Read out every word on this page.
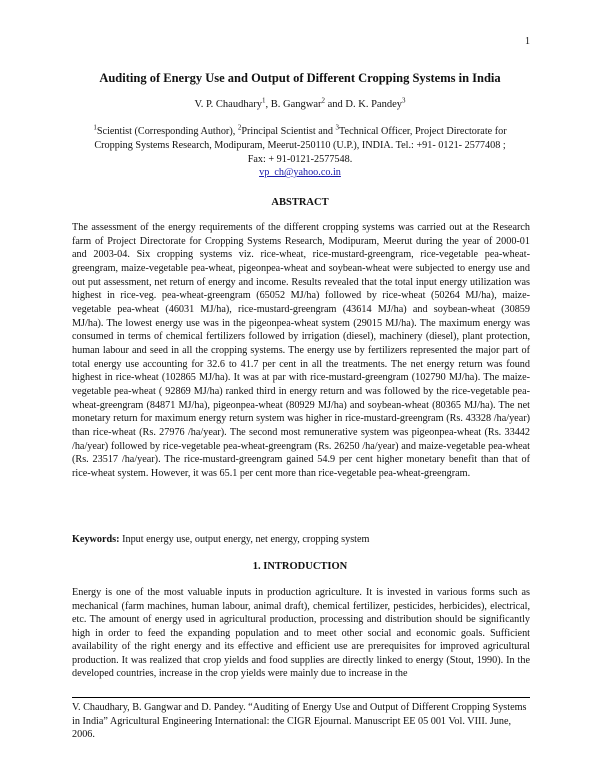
1
Auditing of Energy Use and Output of Different Cropping Systems in India
V. P. Chaudhary$^1$, B. Gangwar$^2$ and D. K. Pandey$^3$
$^1$Scientist (Corresponding Author), $^2$Principal Scientist and $^3$Technical Officer, Project Directorate for Cropping Systems Research, Modipuram, Meerut-250110 (U.P.), INDIA. Tel.: +91- 0121- 2577408 ; Fax: + 91-0121-2577548.
vp_ch@yahoo.co.in
ABSTRACT

The assessment of the energy requirements of the different cropping systems was carried out at the Research farm of Project Directorate for Cropping Systems Research, Modipuram, Meerut during the year of 2000-01 and 2003-04. Six cropping systems viz. rice-wheat, rice-mustard-greengram, rice-vegetable pea-wheat-greengram, maize-vegetable pea-wheat, pigeonpea-wheat and soybean-wheat were subjected to energy use and out put assessment, net return of energy and income. Results revealed that the total input energy utilization was highest in rice-veg. pea-wheat-greengram (65052 MJ/ha) followed by rice-wheat (50264 MJ/ha), maize-vegetable pea-wheat (46031 MJ/ha), rice-mustard-greengram (43614 MJ/ha) and soybean-wheat (30859 MJ/ha). The lowest energy use was in the pigeonpea-wheat system (29015 MJ/ha). The maximum energy was consumed in terms of chemical fertilizers followed by irrigation (diesel), machinery (diesel), plant protection, human labour and seed in all the cropping systems. The energy use by fertilizers represented the major part of total energy use accounting for 32.6 to 41.7 per cent in all the treatments. The net energy return was found highest in rice-wheat (102865 MJ/ha). It was at par with rice-mustard-greengram (102790 MJ/ha). The maize-vegetable pea-wheat ( 92869 MJ/ha) ranked third in energy return and was followed by the rice-vegetable pea-wheat-greengram (84871 MJ/ha), pigeonpea-wheat (80929 MJ/ha) and soybean-wheat (80365 MJ/ha). The net monetary return for maximum energy return system was higher in rice-mustard-greengram (Rs. 43328 /ha/year) than rice-wheat (Rs. 27976 /ha/year). The second most remunerative system was pigeonpea-wheat (Rs. 33442 /ha/year) followed by rice-vegetable pea-wheat-greengram (Rs. 26250 /ha/year) and maize-vegetable pea-wheat (Rs. 23517 /ha/year). The rice-mustard-greengram gained 54.9 per cent higher monetary benefit than that of rice-wheat system. However, it was 65.1 per cent more than rice-vegetable pea-wheat-greengram.

Keywords: Input energy use, output energy, net energy, cropping system

1. INTRODUCTION

Energy is one of the most valuable inputs in production agriculture. It is invested in various forms such as mechanical (farm machines, human labour, animal draft), chemical fertilizer, pesticides, herbicides), electrical, etc. The amount of energy used in agricultural production, processing and distribution should be significantly high in order to feed the expanding population and to meet other social and economic goals. Sufficient availability of the right energy and its effective and efficient use are prerequisites for improved agricultural production. It was realized that crop yields and food supplies are directly linked to energy (Stout, 1990). In the developed countries, increase in the crop yields were mainly due to increase in the

V. Chaudhary, B. Gangwar and D. Pandey. “Auditing of Energy Use and Output of Different Cropping Systems in India” Agricultural Engineering International: the CIGR Ejournal. Manuscript EE 05 001 Vol. VIII. June, 2006.
